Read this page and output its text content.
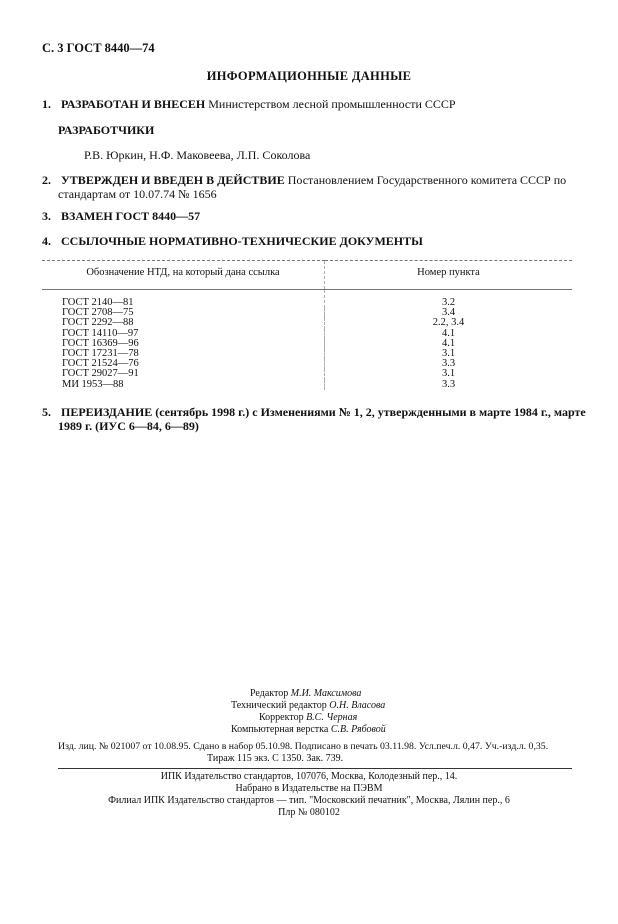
С. 3 ГОСТ 8440—74
ИНФОРМАЦИОННЫЕ ДАННЫЕ
1. РАЗРАБОТАН И ВНЕСЕН Министерством лесной промышленности СССР
РАЗРАБОТЧИКИ
Р.В. Юркин, Н.Ф. Маковеева, Л.П. Соколова
2. УТВЕРЖДЕН И ВВЕДЕН В ДЕЙСТВИЕ Постановлением Государственного комитета СССР по
стандартам от 10.07.74 № 1656
3. ВЗАМЕН ГОСТ 8440—57
4. ССЫЛОЧНЫЕ НОРМАТИВНО-ТЕХНИЧЕСКИЕ ДОКУМЕНТЫ
Обозначение НТД, на который дана ссылка	Номер пункта
ГОСТ 2140—81	3.2
ГОСТ 2708—75	3.4
ГОСТ 2292—88	2.2, 3.4
ГОСТ 14110—97	4.1
ГОСТ 16369—96	4.1
ГОСТ 17231—78	3.1
ГОСТ 21524—76	3.3
ГОСТ 29027—91	3.1
МИ 1953—88	3.3
5. ПЕРЕИЗДАНИЕ (сентябрь 1998 г.) с Изменениями № 1, 2, утвержденными в марте 1984 г., марте
1989 г. (ИУС 6—84, 6—89)
Редактор М.И. Максимова
Технический редактор О.Н. Власова
Корректор В.С. Черная
Компьютерная верстка С.В. Рябовой
Изд. лиц. № 021007 от 10.08.95. Сдано в набор 05.10.98. Подписано в печать 03.11.98. Усл.печ.л. 0,47. Уч.-изд.л. 0,35.
Тираж 115 экз. С 1350. Зак. 739.
ИПК Издательство стандартов, 107076, Москва, Колодезный пер., 14.
Набрано в Издательстве на ПЭВМ
Филиал ИПК Издательство стандартов — тип. "Московский печатник", Москва, Лялин пер., 6
Плр № 080102
